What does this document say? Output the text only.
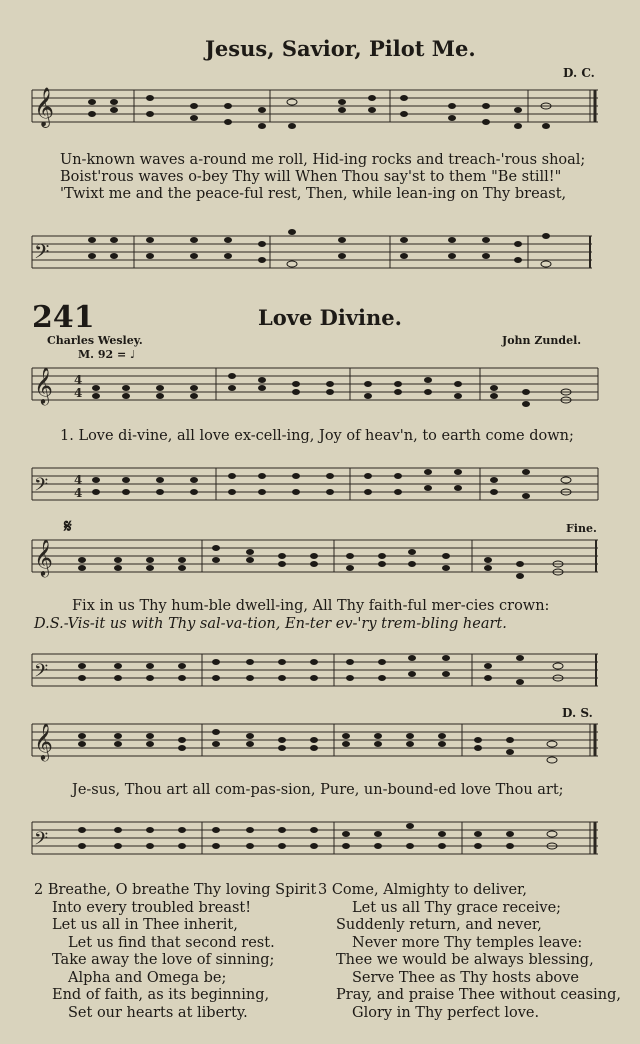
Jesus, Savior, Pilot Me.
D. C.
𝄞
Un-known waves a-round me roll, Hid-ing rocks and treach-'rous shoal;
Boist'rous waves o-bey Thy will When Thou say'st to them "Be still!"
'Twixt me and the peace-ful rest, Then, while lean-ing on Thy breast,
𝄢
241	Love Divine.
Charles Wesley.	John Zundel.
M. 92 = ♩
𝄞 4
4
1. Love di-vine, all love ex-cell-ing, Joy of heav'n, to earth come down;
𝄢 4
4
𝄋	Fine.
𝄞
Fix in us Thy hum-ble dwell-ing, All Thy faith-ful mer-cies crown:
D.S.-Vis-it us with Thy sal-va-tion, En-ter ev-'ry trem-bling heart.
𝄢
D. S.
𝄞
Je-sus, Thou art all com-pas-sion, Pure, un-bound-ed love Thou art;
𝄢
2 Breathe, O breathe Thy loving Spirit
Into every troubled breast!
Let us all in Thee inherit,
Let us find that second rest.
Take away the love of sinning;
Alpha and Omega be;
End of faith, as its beginning,
Set our hearts at liberty.
3 Come, Almighty to deliver,
Let us all Thy grace receive;
Suddenly return, and never,
Never more Thy temples leave:
Thee we would be always blessing,
Serve Thee as Thy hosts above
Pray, and praise Thee without ceasing,
Glory in Thy perfect love.
